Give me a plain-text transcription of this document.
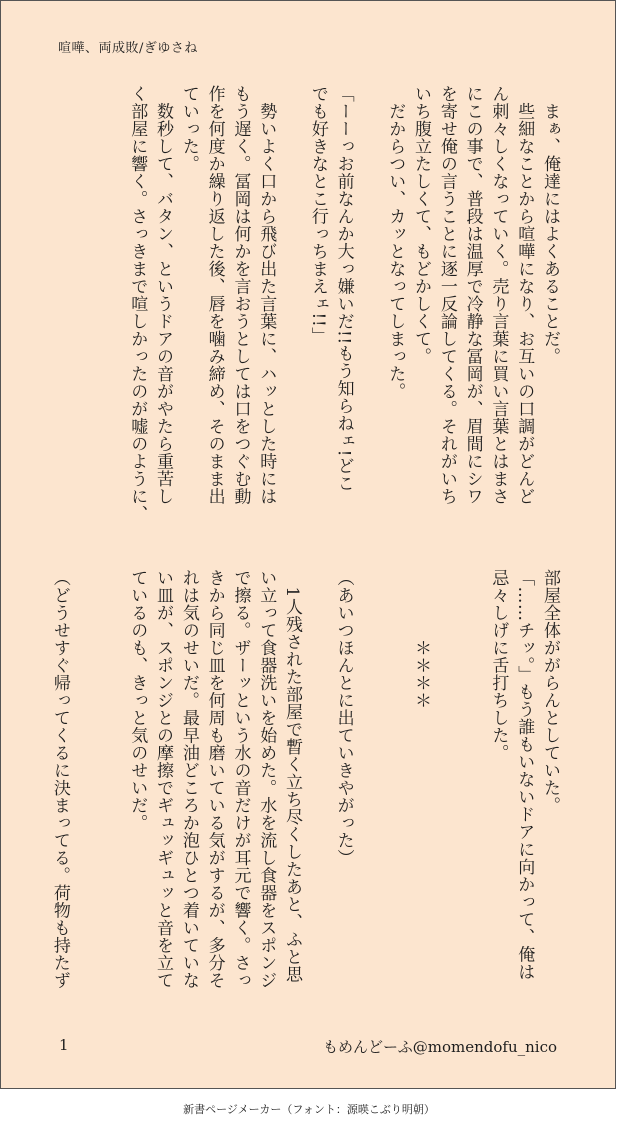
喧嘩、両成敗/ぎゆさね
　まぁ、俺達にはよくあることだ。
　些細なことから喧嘩になり、お互いの口調がどんど
ん刺々しくなっていく。売り言葉に買い言葉とはまさ
にこの事で、普段は温厚で冷静な冨岡が、眉間にシワ
を寄せ俺の言うことに逐一反論してくる。それがいち
いち腹立たしくて、もどかしくて。
　だからつい、カッとなってしまった。

「ーーっお前なんか大っ嫌いだ!!もう知らねェ!どこ
でも好きなとこ行っちまえェ!!」

　勢いよく口から飛び出た言葉に、ハッとした時には
もう遅く。冨岡は何かを言おうとしては口をつぐむ動
作を何度か繰り返した後、唇を噛み締め、そのまま出
ていった。
　数秒して、バタン、というドアの音がやたら重苦し
く部屋に響く。さっきまで喧しかったのが嘘のように、
部屋全体ががらんとしていた。
「……チッ。」もう誰もいないドアに向かって、俺は
忌々しげに舌打ちした。

　　　　＊＊＊＊

（あいつほんとに出ていきやがった）

　1人残された部屋で暫く立ち尽くしたあと、ふと思
い立って食器洗いを始めた。水を流し食器をスポンジ
で擦る。ザーッという水の音だけが耳元で響く。さっ
きから同じ皿を何周も磨いている気がするが、多分そ
れは気のせいだ。最早油どころか泡ひとつ着いていな
い皿が、スポンジとの摩擦でギュッギュッと音を立て
ているのも、きっと気のせいだ。

（どうせすぐ帰ってくるに決まってる。荷物も持たず
1	もめんどーふ@momendofu_nico
新書ページメーカー（フォント：源暎こぶり明朝）
